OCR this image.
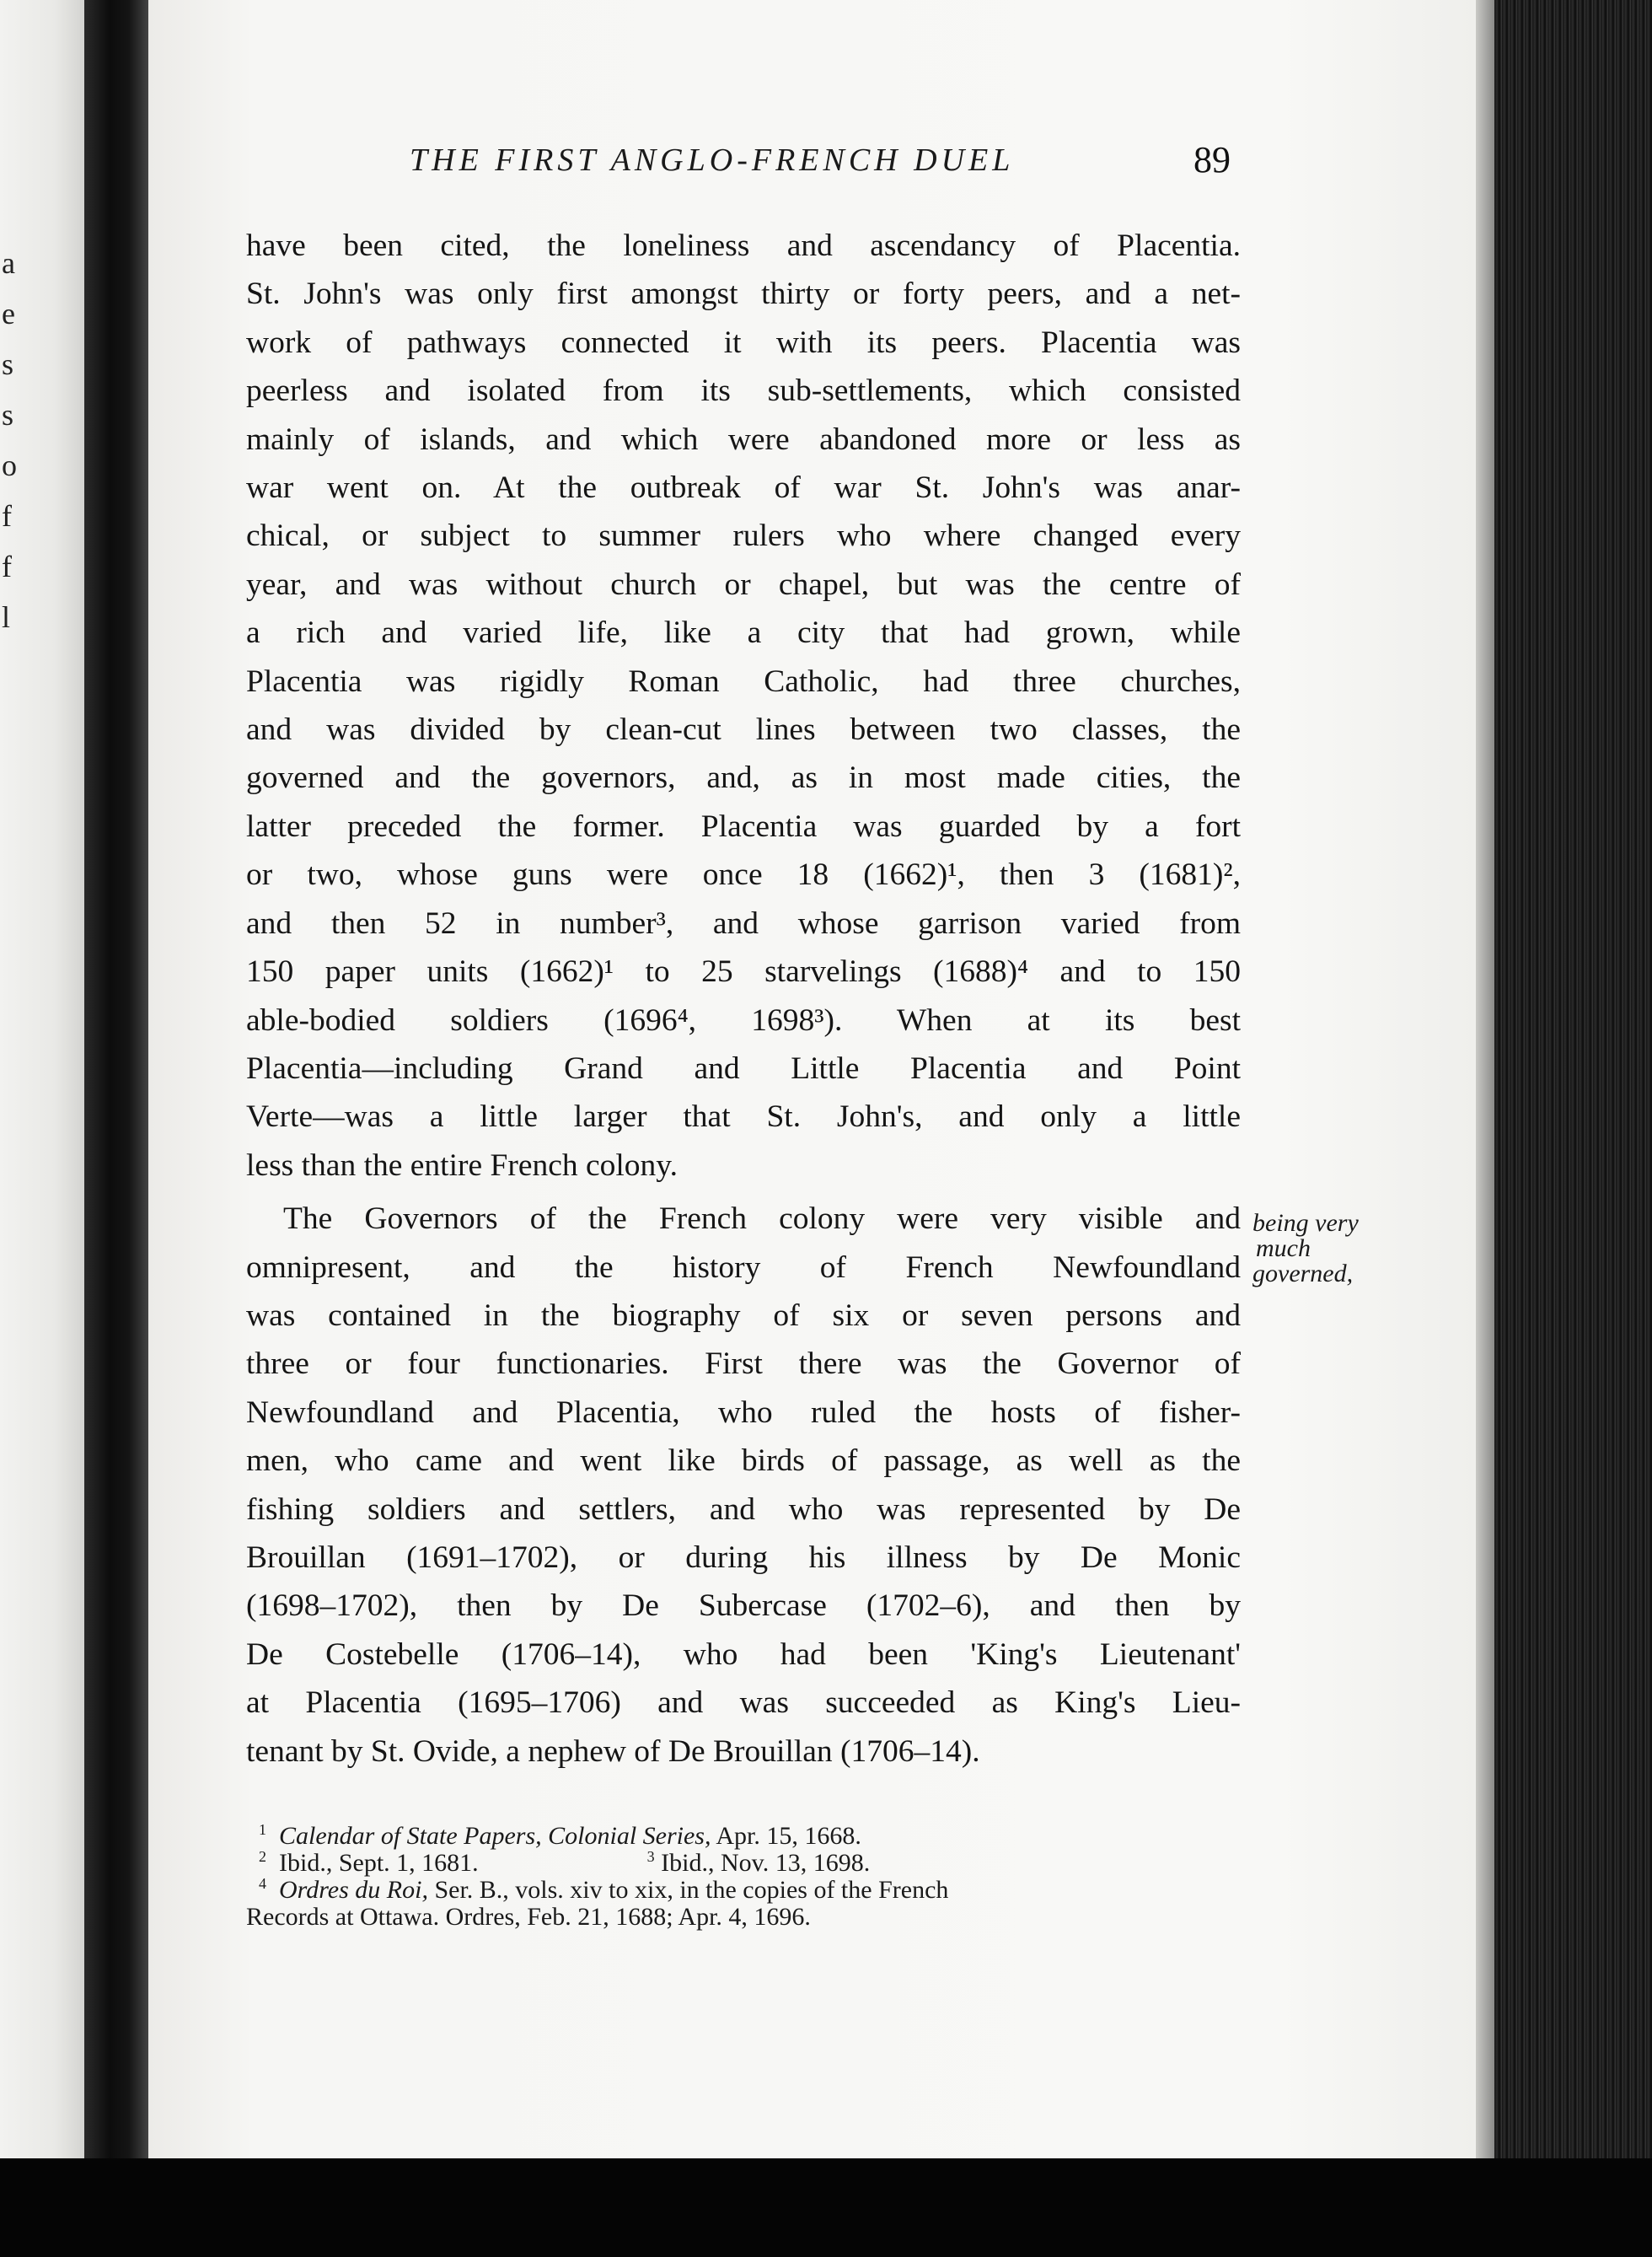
a
e
s
s
o
f
f
l
THE FIRST ANGLO-FRENCH DUEL	89

have been cited, the loneliness and ascendancy of Placentia.
St. John's was only first amongst thirty or forty peers, and a net-
work of pathways connected it with its peers. Placentia was
peerless and isolated from its sub-settlements, which consisted
mainly of islands, and which were abandoned more or less as
war went on. At the outbreak of war St. John's was anar-
chical, or subject to summer rulers who where changed every
year, and was without church or chapel, but was the centre of
a rich and varied life, like a city that had grown, while
Placentia was rigidly Roman Catholic, had three churches,
and was divided by clean-cut lines between two classes, the
governed and the governors, and, as in most made cities, the
latter preceded the former. Placentia was guarded by a fort
or two, whose guns were once 18 (1662)¹, then 3 (1681)²,
and then 52 in number³, and whose garrison varied from
150 paper units (1662)¹ to 25 starvelings (1688)⁴ and to 150
able-bodied soldiers (1696⁴, 1698³). When at its best
Placentia—including Grand and Little Placentia and Point
Verte—was a little larger that St. John's, and only a little
less than the entire French colony.

The Governors of the French colony were very visible and
omnipresent, and the history of French Newfoundland
was contained in the biography of six or seven persons and
three or four functionaries. First there was the Governor of
Newfoundland and Placentia, who ruled the hosts of fisher-
men, who came and went like birds of passage, as well as the
fishing soldiers and settlers, and who was represented by De
Brouillan (1691–1702), or during his illness by De Monic
(1698–1702), then by De Subercase (1702–6), and then by
De Costebelle (1706–14), who had been 'King's Lieutenant'
at Placentia (1695–1706) and was succeeded as King's Lieu-
tenant by St. Ovide, a nephew of De Brouillan (1706–14).

being very
much
governed,
$^1$ Calendar of State Papers, Colonial Series, Apr. 15, 1668.
$^2$ Ibid., Sept. 1, 1681.	$^3$ Ibid., Nov. 13, 1698.
$^4$ Ordres du Roi, Ser. B., vols. xiv to xix, in the copies of the French
Records at Ottawa. Ordres, Feb. 21, 1688; Apr. 4, 1696.
